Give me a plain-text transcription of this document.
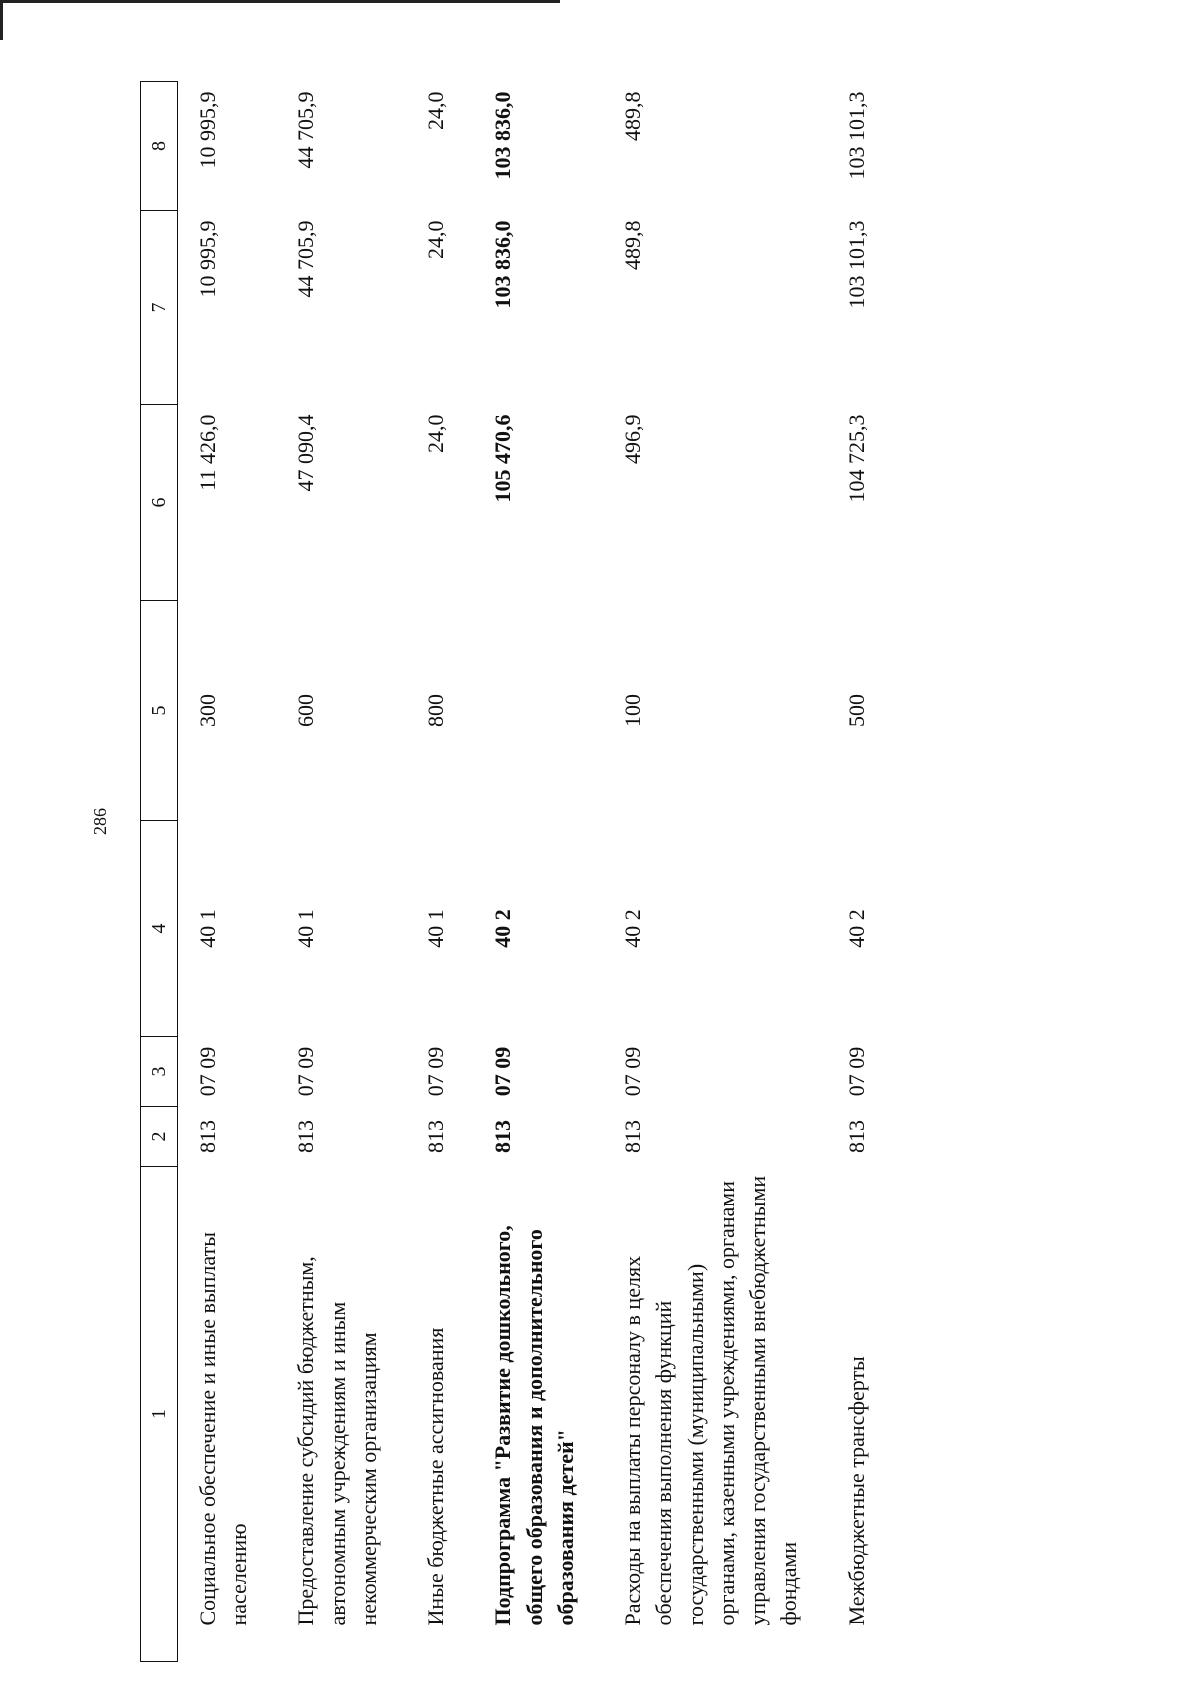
286
1	2	3	4	5	6	7	8
Социальное обеспечение и иные выплаты населению	813	07 09	40 1	300	11 426,0	10 995,9	10 995,9
Предоставление субсидий бюджетным, автономным учреждениям и иным некоммерческим организациям	813	07 09	40 1	600	47 090,4	44 705,9	44 705,9
Иные бюджетные ассигнования	813	07 09	40 1	800	24,0	24,0	24,0
Подпрограмма "Развитие дошкольного, общего образования и дополнительного образования детей"	813	07 09	40 2		105 470,6	103 836,0	103 836,0
Расходы на выплаты персоналу в целях обеспечения выполнения функций государственными (муниципальными) органами, казенными учреждениями, органами управления государственными внебюджетными фондами	813	07 09	40 2	100	496,9	489,8	489,8
Межбюджетные трансферты	813	07 09	40 2	500	104 725,3	103 101,3	103 101,3
